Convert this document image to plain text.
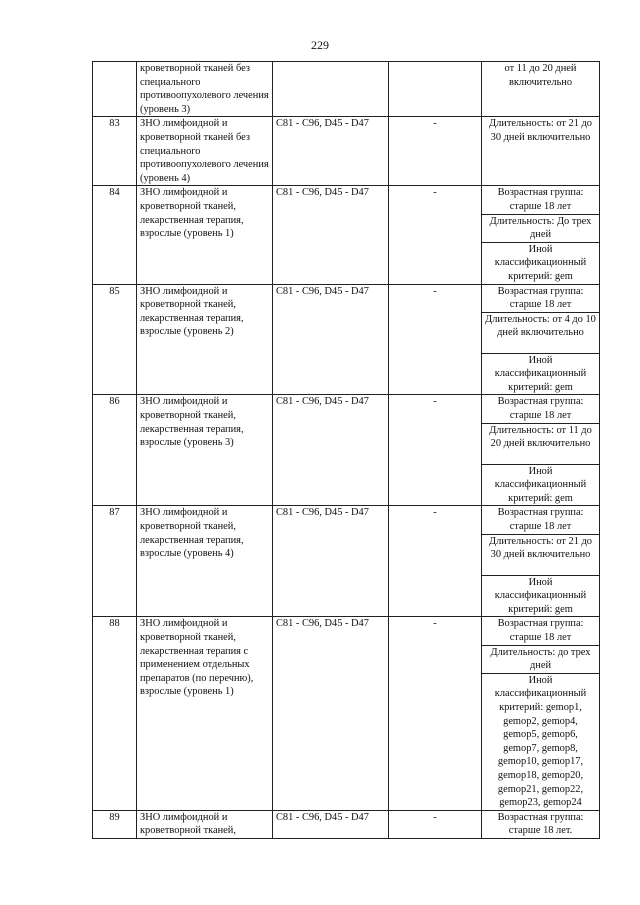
229
	кроветворной тканей без специального противоопухолевого лечения (уровень 3)			от 11 до 20 дней включительно
83	ЗНО лимфоидной и кроветворной тканей без специального противоопухолевого лечения (уровень 4)	C81 - C96, D45 - D47	-	Длительность: от 21 до 30 дней включительно
84	ЗНО лимфоидной и кроветворной тканей, лекарственная терапия, взрослые (уровень 1)	C81 - C96, D45 - D47	-	Возрастная группа: старше 18 лет
				Длительность: До трех дней
				Иной классификационный критерий: gem
85	ЗНО лимфоидной и кроветворной тканей, лекарственная терапия, взрослые (уровень 2)	C81 - C96, D45 - D47	-	Возрастная группа: старше 18 лет
				Длительность: от 4 до 10 дней включительно
				Иной классификационный критерий: gem
86	ЗНО лимфоидной и кроветворной тканей, лекарственная терапия, взрослые (уровень 3)	C81 - C96, D45 - D47	-	Возрастная группа: старше 18 лет
				Длительность: от 11 до 20 дней включительно
				Иной классификационный критерий: gem
87	ЗНО лимфоидной и кроветворной тканей, лекарственная терапия, взрослые (уровень 4)	C81 - C96, D45 - D47	-	Возрастная группа: старше 18 лет
				Длительность: от 21 до 30 дней включительно
				Иной классификационный критерий: gem
88	ЗНО лимфоидной и кроветворной тканей, лекарственная терапия с применением отдельных препаратов (по перечню), взрослые (уровень 1)	C81 - C96, D45 - D47	-	Возрастная группа: старше 18 лет
				Длительность: до трех дней
				Иной классификационный критерий: gemop1, gemop2, gemop4, gemop5, gemop6, gemop7, gemop8, gemop10, gemop17, gemop18, gemop20, gemop21, gemop22, gemop23, gemop24
89	ЗНО лимфоидной и кроветворной тканей,	C81 - C96, D45 - D47	-	Возрастная группа: старше 18 лет.
